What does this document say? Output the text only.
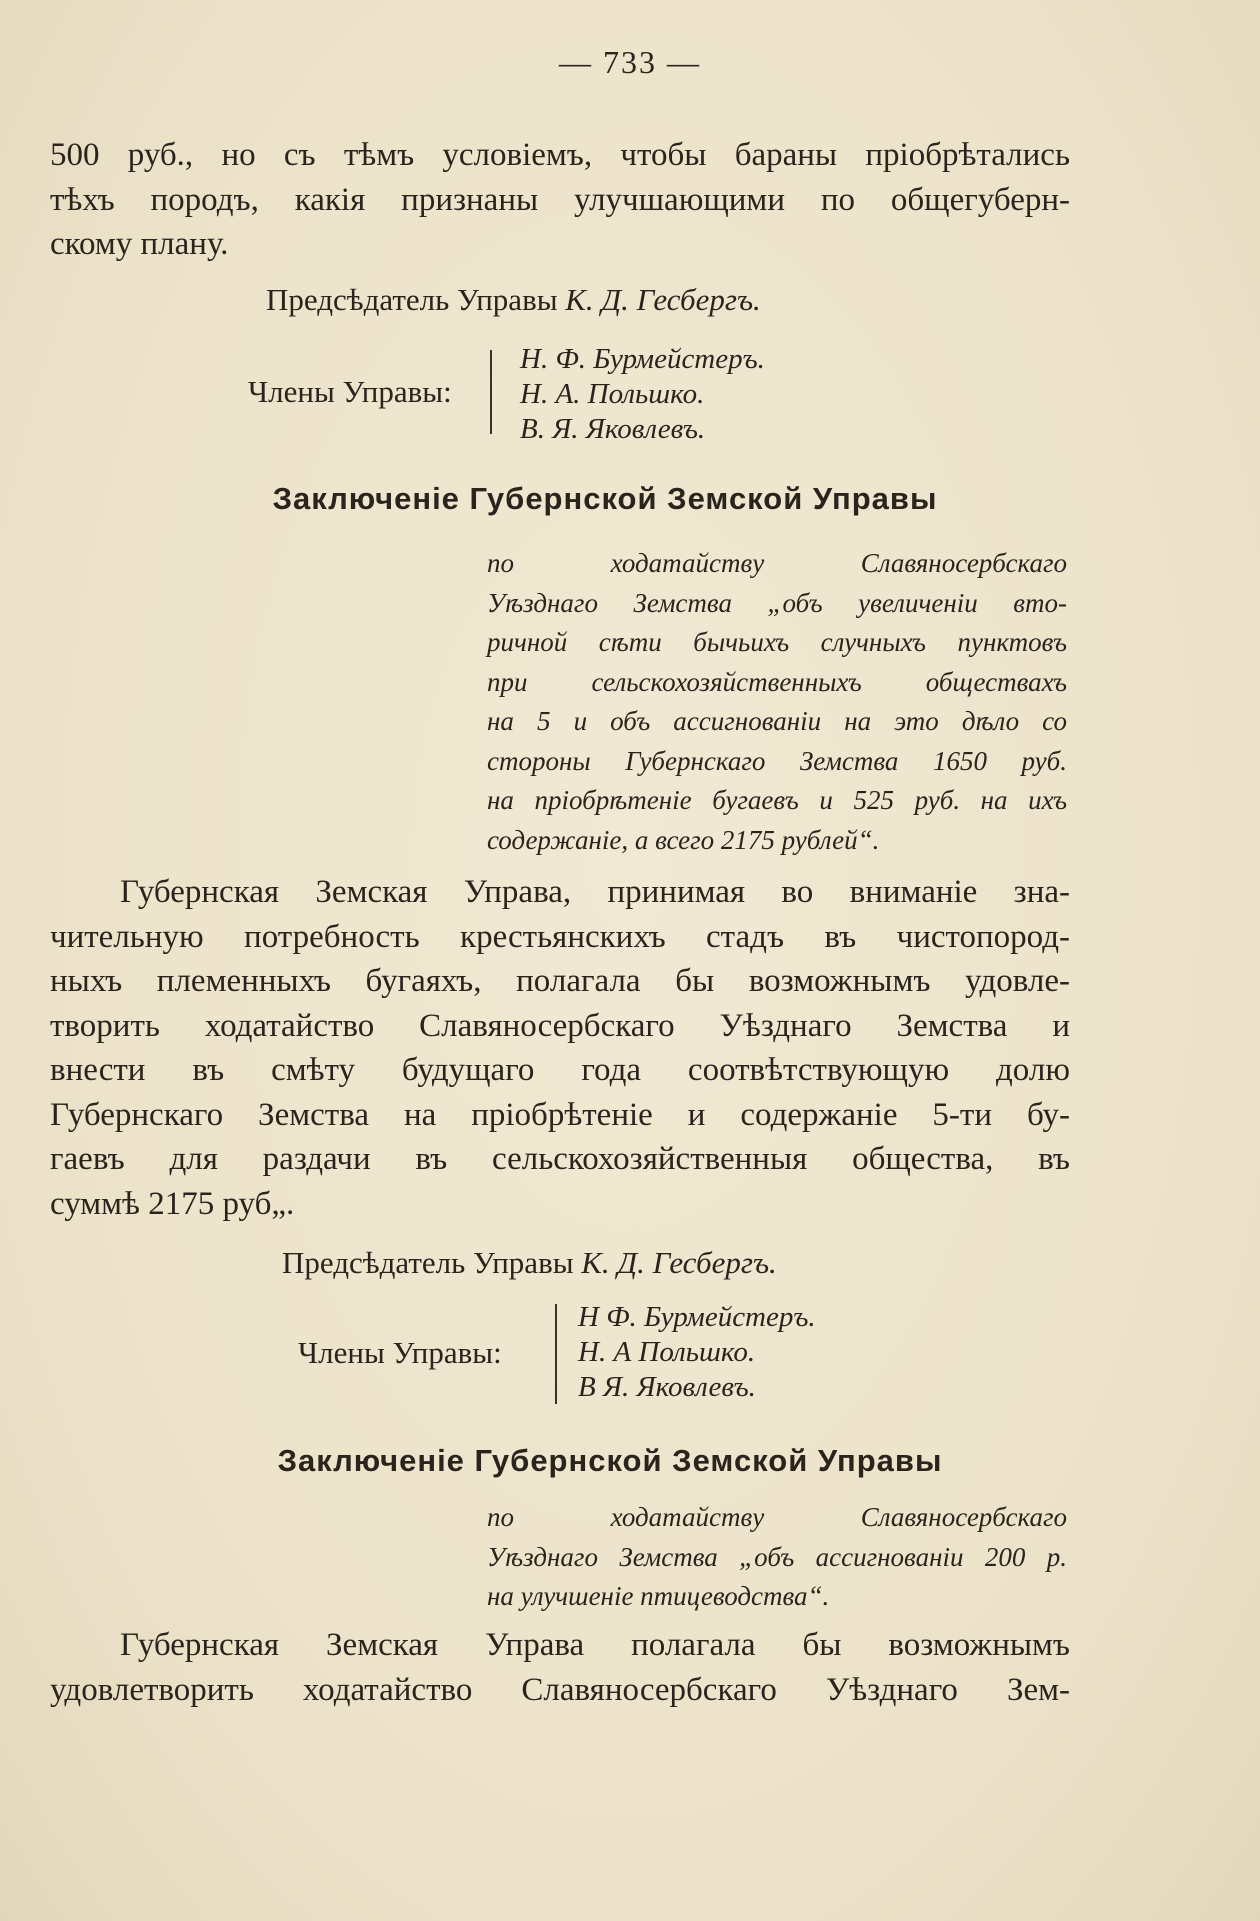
— 733 —
500 руб., но съ тѣмъ условіемъ, чтобы бараны пріобрѣтались
тѣхъ породъ, какія признаны улучшающими по общегуберн-
скому плану.
Предсѣдатель Управы К. Д. Гесбергъ.
Члены Управы:
Н. Ф. Бурмейстеръ.
Н. А. Польшко.
В. Я. Яковлевъ.
Заключеніе Губернской Земской Управы
по ходатайству Славяносербскаго
Уѣзднаго Земства „объ увеличеніи вто-
ричной сѣти бычьихъ случныхъ пунктовъ
при сельскохозяйственныхъ обществахъ
на 5 и объ ассигнованіи на это дѣло со
стороны Губернскаго Земства 1650 руб.
на пріобрѣтеніе бугаевъ и 525 руб. на ихъ
содержаніе, а всего 2175 рублей“.
Губернская Земская Управа, принимая во вниманіе зна-
чительную потребность крестьянскихъ стадъ въ чистопород-
ныхъ племенныхъ бугаяхъ, полагала бы возможнымъ удовле-
творить ходатайство Славяносербскаго Уѣзднаго Земства и
внести въ смѣту будущаго года соотвѣтствующую долю
Губернскаго Земства на пріобрѣтеніе и содержаніе 5-ти бу-
гаевъ для раздачи въ сельскохозяйственныя общества, въ
суммѣ 2175 руб„.
Предсѣдатель Управы К. Д. Гесбергъ.
Члены Управы:
Н Ф. Бурмейстеръ.
Н. А Польшко.
В Я. Яковлевъ.
Заключеніе Губернской Земской Управы
по ходатайству Славяносербскаго
Уѣзднаго Земства „объ ассигнованіи 200 р.
на улучшеніе птицеводства“.
Губернская Земская Управа полагала бы возможнымъ
удовлетворить ходатайство Славяносербскаго Уѣзднаго Зем-
